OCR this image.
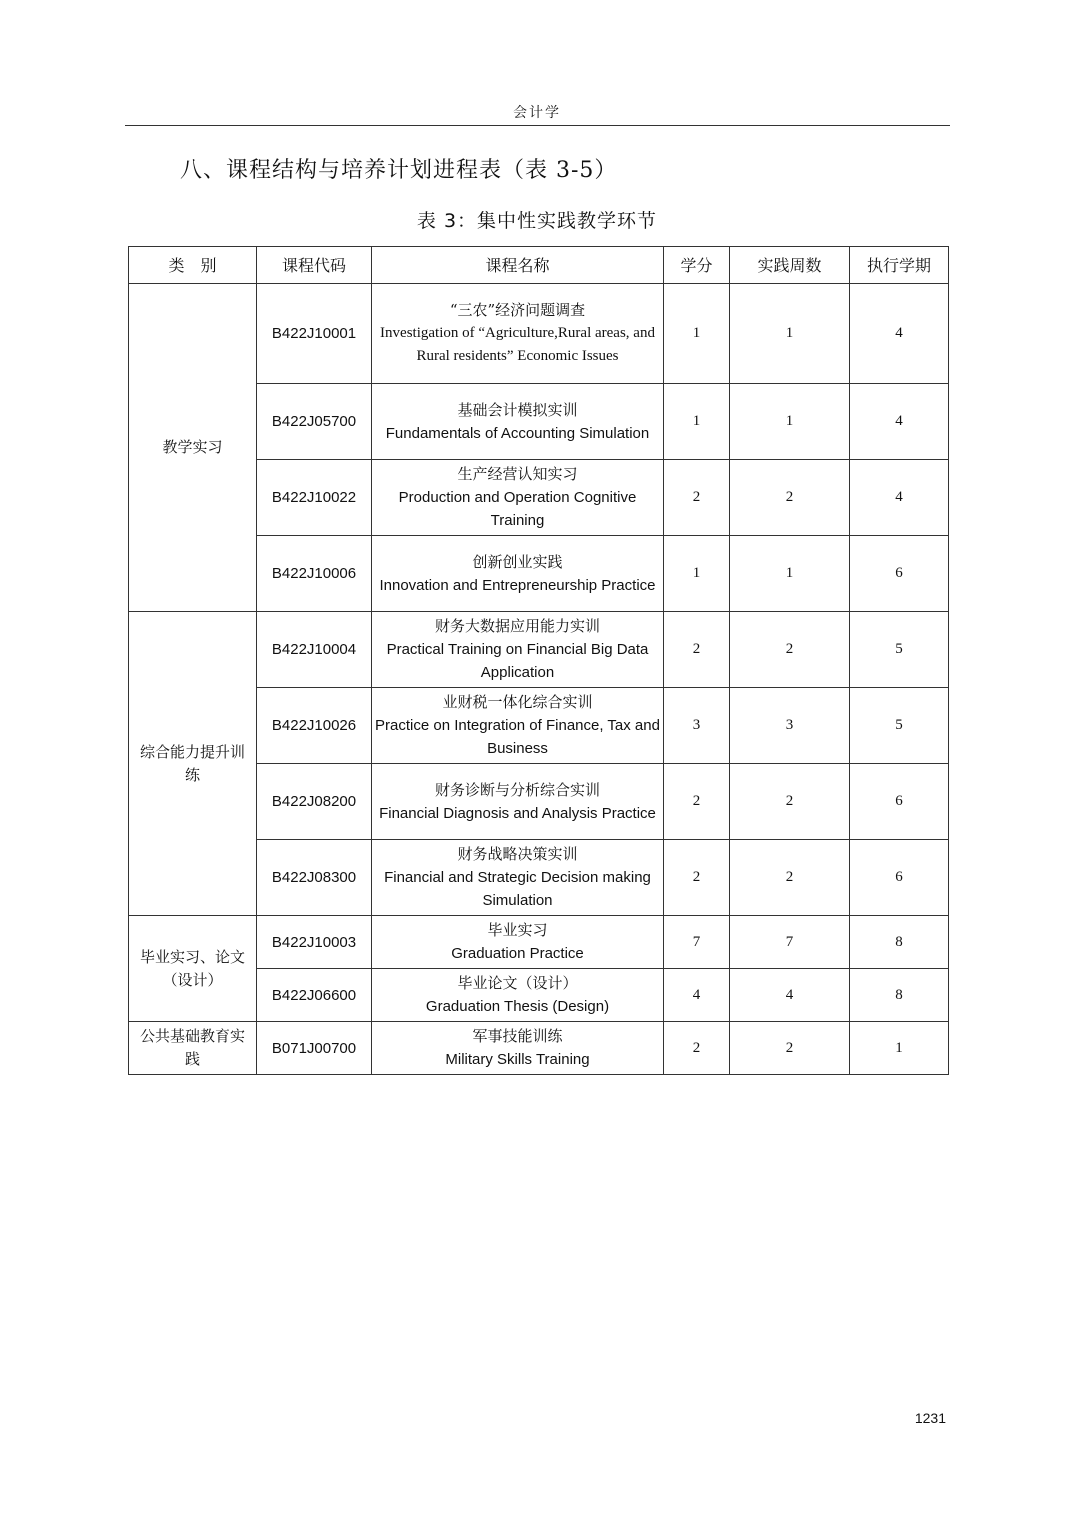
会计学
八、课程结构与培养计划进程表（表 3-5）
表 3：集中性实践教学环节
类　别	课程代码	课程名称	学分	实践周数	执行学期

教学实习	B422J10001	“三农”经济问题调查
Investigation of “Agriculture,Rural areas, and Rural residents” Economic Issues	1	1	4
	B422J05700	基础会计模拟实训
Fundamentals of Accounting Simulation	1	1	4
	B422J10022	生产经营认知实习
Production and Operation Cognitive Training	2	2	4
	B422J10006	创新创业实践
Innovation and Entrepreneurship Practice	1	1	6

综合能力提升训练	B422J10004	财务大数据应用能力实训
Practical Training on Financial Big Data Application	2	2	5
	B422J10026	业财税一体化综合实训
Practice on Integration of Finance, Tax and Business	3	3	5
	B422J08200	财务诊断与分析综合实训
Financial Diagnosis and Analysis Practice	2	2	6
	B422J08300	财务战略决策实训
Financial and Strategic Decision making Simulation	2	2	6

毕业实习、论文（设计）	B422J10003	毕业实习
Graduation Practice	7	7	8
	B422J06600	毕业论文（设计）
Graduation Thesis (Design)	4	4	8

公共基础教育实践	B071J00700	军事技能训练
Military Skills Training	2	2	1
1231
